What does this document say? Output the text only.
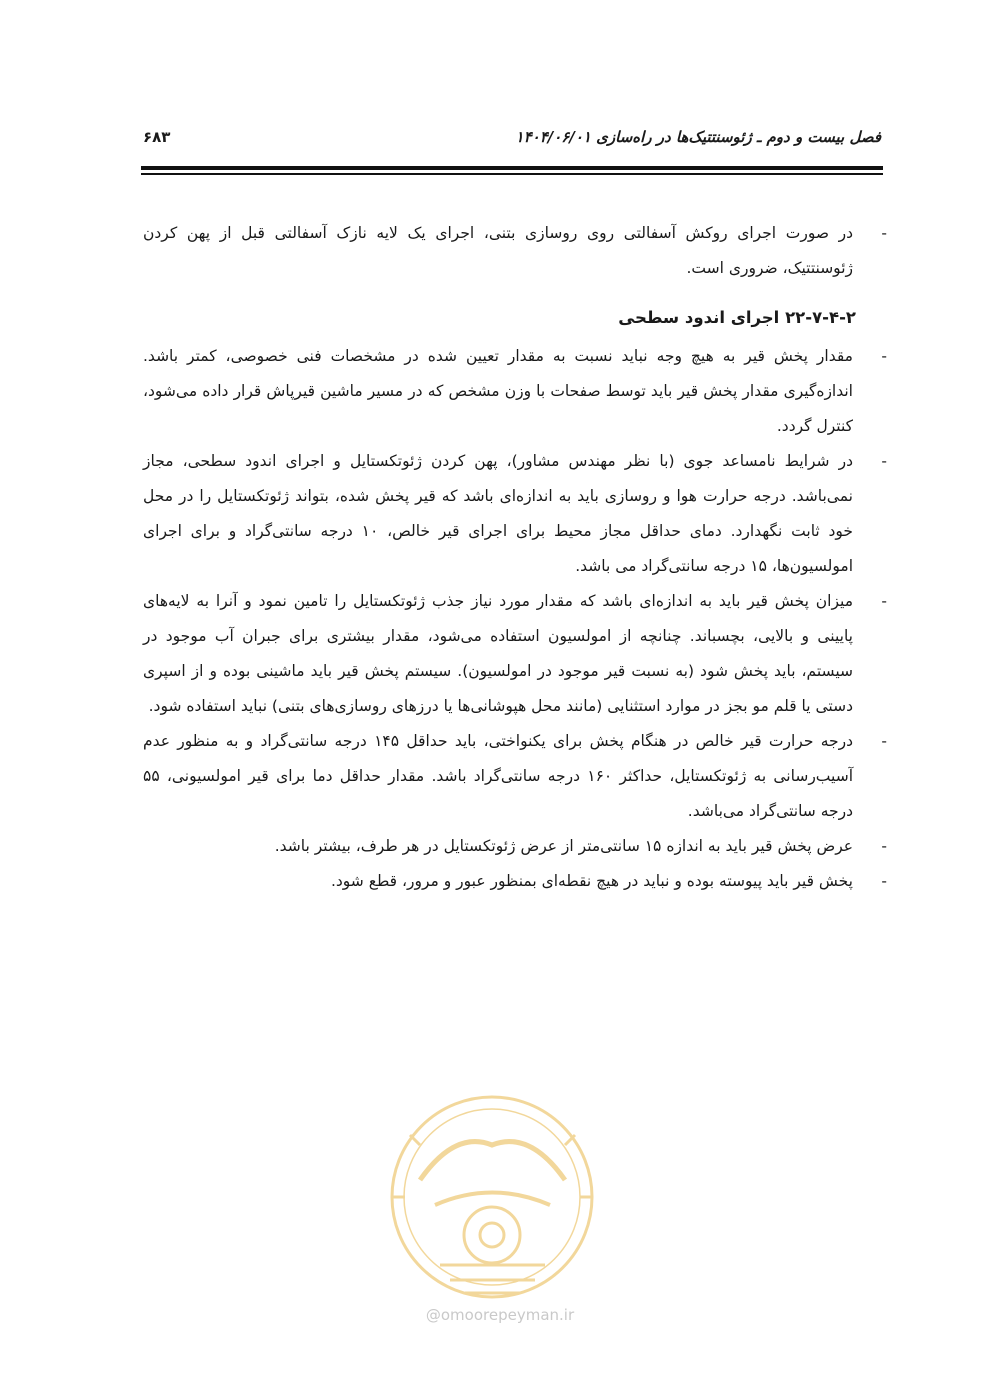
فصل بیست و دوم ـ ژئوسنتتیک‌ها در راه‌سازی ۱۴۰۴/۰۶/۰۱
۶۸۳

-
در صورت اجرای روکش آسفالتی روی روسازی بتنی، اجرای یک لایه نازک آسفالتی قبل از پهن کردن ژئوسنتتیک، ضروری است.

۲۲-۷-۴-۲ اجرای اندود سطحی

-
مقدار پخش قیر به هیچ وجه نباید نسبت به مقدار تعیین شده در مشخصات فنی خصوصی، کمتر باشد. اندازه‌گیری مقدار پخش قیر باید توسط صفحات با وزن مشخص که در مسیر ماشین قیرپاش قرار داده می‌شود، کنترل گردد.

-
در شرایط نامساعد جوی (با نظر مهندس مشاور)، پهن کردن ژئوتکستایل و اجرای اندود سطحی، مجاز نمی‌باشد. درجه حرارت هوا و روسازی باید به اندازه‌ای باشد که قیر پخش شده، بتواند ژئوتکستایل را در محل خود ثابت نگهدارد. دمای حداقل مجاز محیط برای اجرای قیر خالص، ۱۰ درجه سانتی‌گراد و برای اجرای امولسیون‌ها، ۱۵ درجه سانتی‌گراد می باشد.

-
میزان پخش قیر باید به اندازه‌ای باشد که مقدار مورد نیاز جذب ژئوتکستایل را تامین نمود و آنرا به لایه‌های پایینی و بالایی، بچسباند. چنانچه از امولسیون استفاده می‌شود، مقدار بیشتری برای جبران آب موجود در سیستم، باید پخش شود (به نسبت قیر موجود در امولسیون). سیستم پخش قیر باید ماشینی بوده و از اسپری دستی یا قلم مو بجز در موارد استثنایی (مانند محل هپوشانی‌ها یا درزهای روسازی‌های بتنی) نباید استفاده شود.

-
درجه حرارت قیر خالص در هنگام پخش برای یکنواختی، باید حداقل ۱۴۵ درجه سانتی‌گراد و به منظور عدم آسیب‌رسانی به ژئوتکستایل، حداکثر ۱۶۰ درجه سانتی‌گراد باشد. مقدار حداقل دما برای قیر امولسیونی، ۵۵ درجه سانتی‌گراد می‌باشد.

-
عرض پخش قیر باید به اندازه ۱۵ سانتی‌متر از عرض ژئوتکستایل در هر طرف، بیشتر باشد.

-
پخش قیر باید پیوسته بوده و نباید در هیچ نقطه‌ای بمنظور عبور و مرور، قطع شود.

@omoorepeyman.ir
